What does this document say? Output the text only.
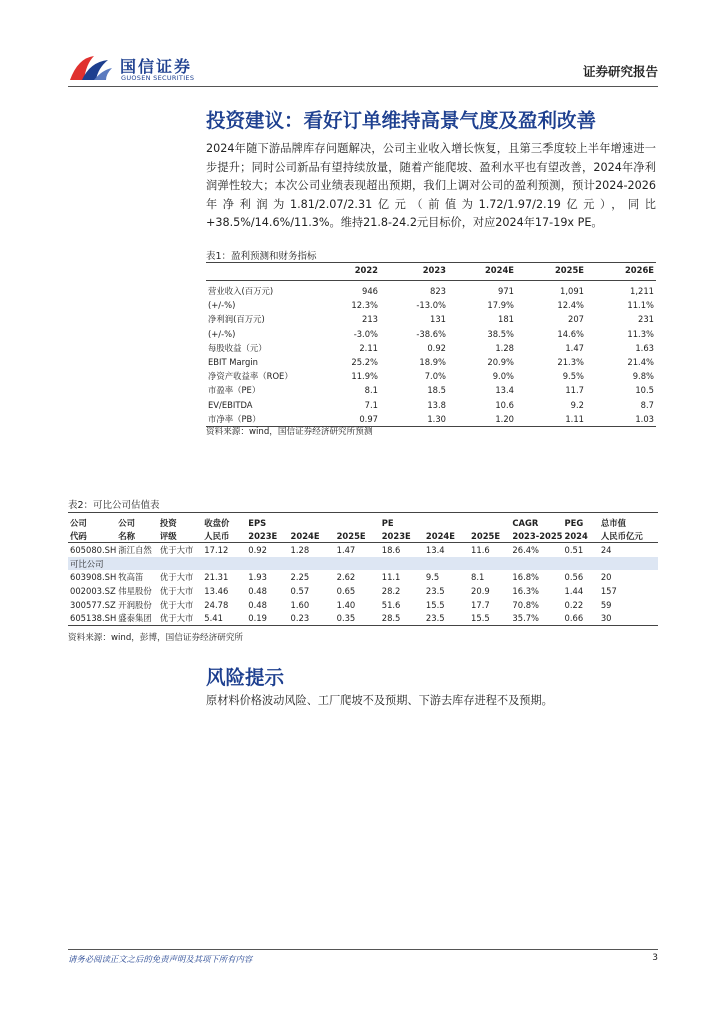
国信证券
GUOSEN SECURITIES	证券研究报告
投资建议：看好订单维持高景气度及盈利改善
2024年随下游品牌库存问题解决，公司主业收入增长恢复，且第三季度较上半年增速进一步提升；同时公司新品有望持续放量，随着产能爬坡、盈利水平也有望改善，2024年净利润弹性较大；本次公司业绩表现超出预期，我们上调对公司的盈利预测，预计2024-2026年净利润为1.81/2.07/2.31亿元（前值为1.72/1.97/2.19亿元），同比+38.5%/14.6%/11.3%。维持21.8-24.2元目标价，对应2024年17-19x PE。
表1：盈利预测和财务指标
	2022	2023	2024E	2025E	2026E
营业收入(百万元)	946	823	971	1,091	1,211
(+/-%)	12.3%	-13.0%	17.9%	12.4%	11.1%
净利润(百万元)	213	131	181	207	231
(+/-%)	-3.0%	-38.6%	38.5%	14.6%	11.3%
每股收益（元）	2.11	0.92	1.28	1.47	1.63
EBIT Margin	25.2%	18.9%	20.9%	21.3%	21.4%
净资产收益率（ROE）	11.9%	7.0%	9.0%	9.5%	9.8%
市盈率（PE）	8.1	18.5	13.4	11.7	10.5
EV/EBITDA	7.1	13.8	10.6	9.2	8.7
市净率（PB）	0.97	1.30	1.20	1.11	1.03
资料来源：wind，国信证券经济研究所预测
表2：可比公司估值表
公司	公司	投资	收盘价	EPS			PE			CAGR	PEG	总市值
代码	名称	评级	人民币	2023E	2024E	2025E	2023E	2024E	2025E	2023-2025	2024	人民币亿元
605080.SH	浙江自然	优于大市	17.12	0.92	1.28	1.47	18.6	13.4	11.6	26.4%	0.51	24
可比公司												
603908.SH	牧高笛	优于大市	21.31	1.93	2.25	2.62	11.1	9.5	8.1	16.8%	0.56	20
002003.SZ	伟星股份	优于大市	13.46	0.48	0.57	0.65	28.2	23.5	20.9	16.3%	1.44	157
300577.SZ	开润股份	优于大市	24.78	0.48	1.60	1.40	51.6	15.5	17.7	70.8%	0.22	59
605138.SH	盛泰集团	优于大市	5.41	0.19	0.23	0.35	28.5	23.5	15.5	35.7%	0.66	30
资料来源：wind，彭博，国信证券经济研究所
风险提示
原材料价格波动风险、工厂爬坡不及预期、下游去库存进程不及预期。
请务必阅读正文之后的免责声明及其项下所有内容	3
